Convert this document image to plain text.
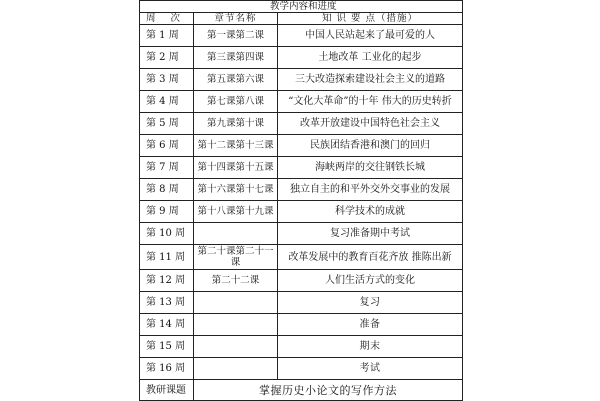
教学内容和进度		
周 次	章节名称	知 识 要 点（措施）
第 1 周	第一课第二课	中国人民站起来了最可爱的人
第 2 周	第三课第四课	土地改革 工业化的起步
第 3 周	第五课第六课	三大改造探索建设社会主义的道路
第 4 周	第七课第八课	“文化大革命”的十年 伟大的历史转折
第 5 周	第九课第十课	改革开放建设中国特色社会主义
第 6 周	第十二课第十三课	民族团结香港和澳门的回归
第 7 周	第十四课第十五课	海峡两岸的交往钢铁长城
第 8 周	第十六课第十七课	独立自主的和平外交外交事业的发展
第 9 周	第十八课第十九课	科学技术的成就
第 10 周		复习准备期中考试
第 11 周	第二十课第二十一课	改革发展中的教育百花齐放 推陈出新
第 12 周	第二十二课	人们生活方式的变化
第 13 周		复习
第 14 周		准备
第 15 周		期末
第 16 周		考试
教研课题	掌握历史小论文的写作方法	
